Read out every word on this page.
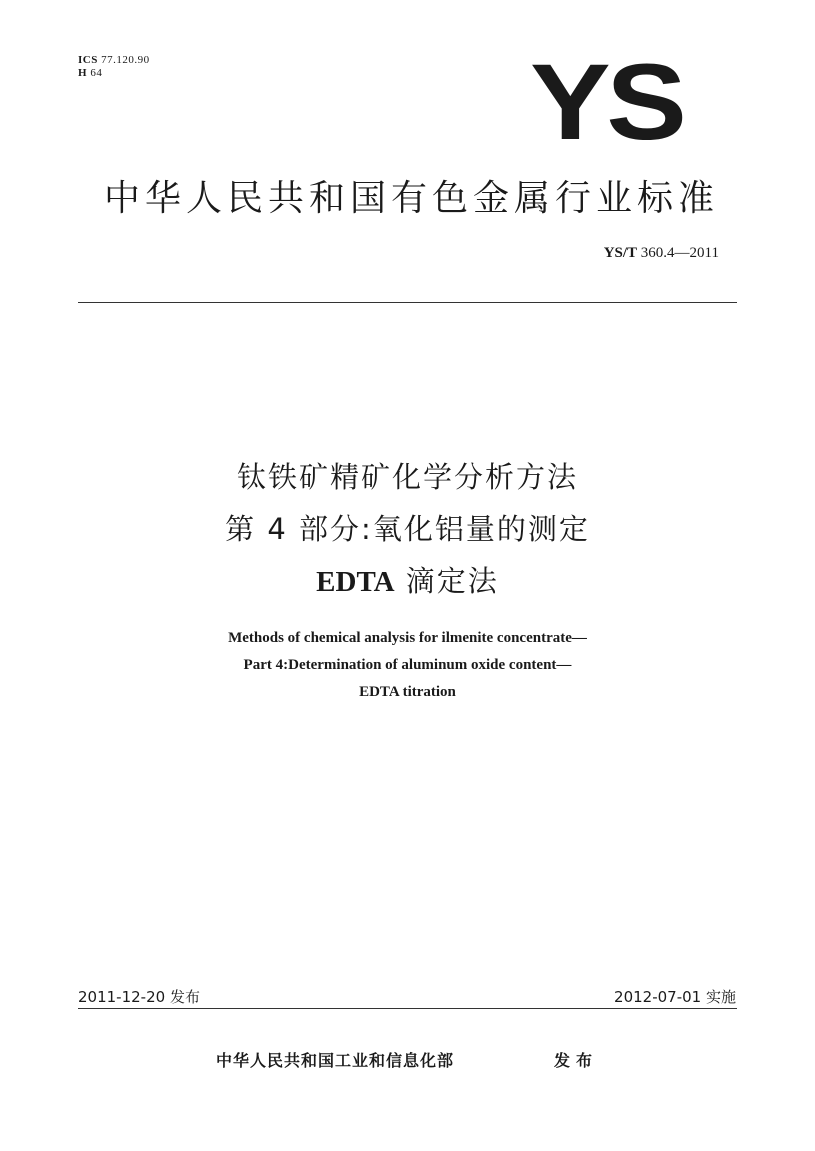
ICS 77.120.90
H 64	YS
中华人民共和国有色金属行业标准
YS/T 360.4—2011
钛铁矿精矿化学分析方法
第 4 部分:氧化铝量的测定
EDTA 滴定法
Methods of chemical analysis for ilmenite concentrate—
Part 4:Determination of aluminum oxide content—
EDTA titration
2011-12-20 发布	2012-07-01 实施
中华人民共和国工业和信息化部	发布
